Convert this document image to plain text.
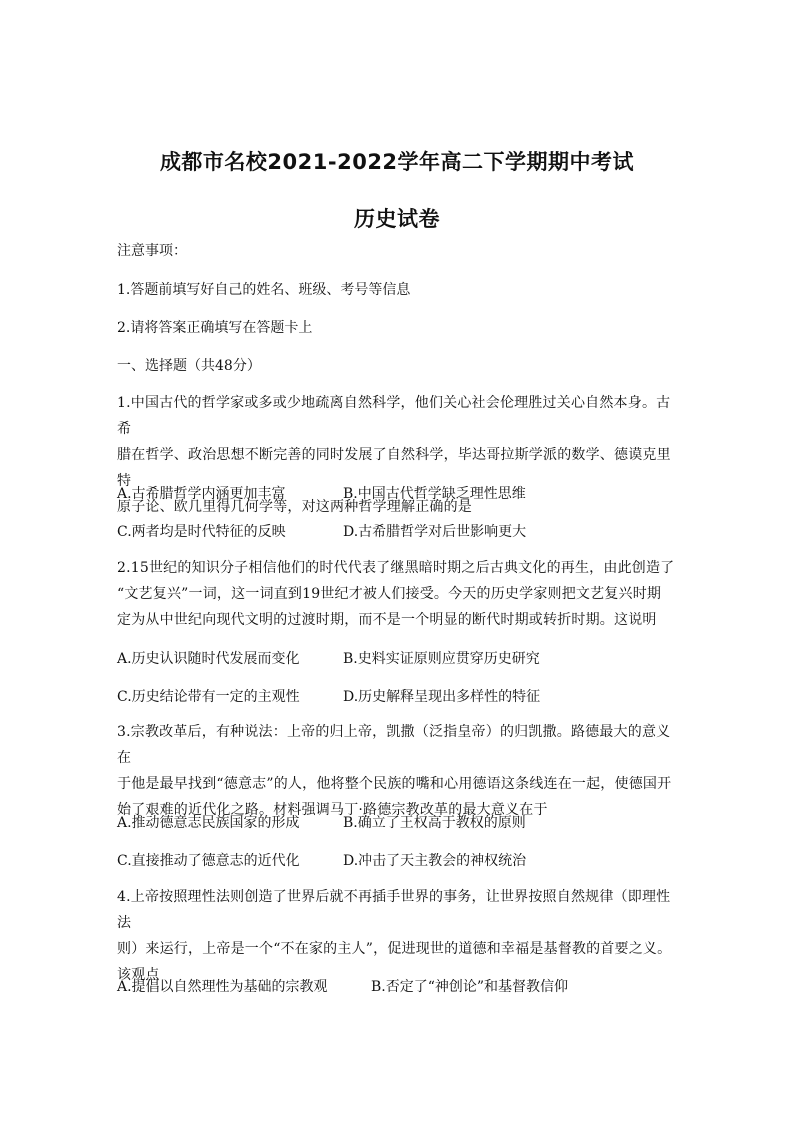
成都市名校2021-2022学年高二下学期期中考试
历史试卷
注意事项：
1.答题前填写好自己的姓名、班级、考号等信息
2.请将答案正确填写在答题卡上
一、选择题（共48分）
1.中国古代的哲学家或多或少地疏离自然科学，他们关心社会伦理胜过关心自然本身。古希
腊在哲学、政治思想不断完善的同时发展了自然科学，毕达哥拉斯学派的数学、德谟克里特
原子论、欧几里得几何学等，对这两种哲学理解正确的是
A.古希腊哲学内涵更加丰富	B.中国古代哲学缺乏理性思维
C.两者均是时代特征的反映	D.古希腊哲学对后世影响更大
2.15世纪的知识分子相信他们的时代代表了继黑暗时期之后古典文化的再生，由此创造了
“文艺复兴”一词，这一词直到19世纪才被人们接受。今天的历史学家则把文艺复兴时期
定为从中世纪向现代文明的过渡时期，而不是一个明显的断代时期或转折时期。这说明
A.历史认识随时代发展而变化	B.史料实证原则应贯穿历史研究
C.历史结论带有一定的主观性	D.历史解释呈现出多样性的特征
3.宗教改革后，有种说法：上帝的归上帝，凯撒（泛指皇帝）的归凯撒。路德最大的意义在
于他是最早找到“德意志”的人，他将整个民族的嘴和心用德语这条线连在一起，使德国开
始了艰难的近代化之路。材料强调马丁·路德宗教改革的最大意义在于
A.推动德意志民族国家的形成	B.确立了王权高于教权的原则
C.直接推动了德意志的近代化	D.冲击了天主教会的神权统治
4.上帝按照理性法则创造了世界后就不再插手世界的事务，让世界按照自然规律（即理性法
则）来运行，上帝是一个“不在家的主人”，促进现世的道德和幸福是基督教的首要之义。
该观点
A.提倡以自然理性为基础的宗教观	B.否定了“神创论”和基督教信仰
